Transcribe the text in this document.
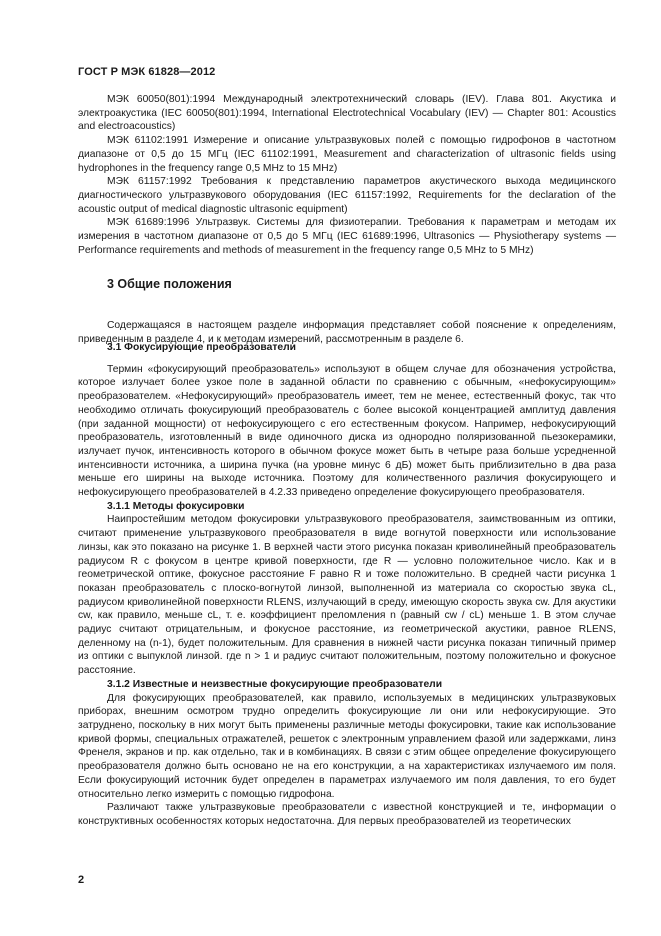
ГОСТ Р МЭК 61828—2012

МЭК 60050(801):1994 Международный электротехнический словарь (IEV). Глава 801. Акустика и электроакустика (IEC 60050(801):1994, International Electrotechnical Vocabulary (IEV) — Chapter 801: Acoustics and electroacoustics)

МЭК 61102:1991 Измерение и описание ультразвуковых полей с помощью гидрофонов в частотном диапазоне от 0,5 до 15 МГц (IEC 61102:1991, Measurement and characterization of ultrasonic fields using hydrophones in the frequency range 0,5 MHz to 15 MHz)

МЭК 61157:1992 Требования к представлению параметров акустического выхода медицинского диагностического ультразвукового оборудования (IEC 61157:1992, Requirements for the declaration of the acoustic output of medical diagnostic ultrasonic equipment)

МЭК 61689:1996 Ультразвук. Системы для физиотерапии. Требования к параметрам и методам их измерения в частотном диапазоне от 0,5 до 5 МГц (IEC 61689:1996, Ultrasonics — Physiotherapy systems — Performance requirements and methods of measurement in the frequency range 0,5 MHz to 5 MHz)

3 Общие положения

Содержащаяся в настоящем разделе информация представляет собой пояснение к определениям, приведенным в разделе 4, и к методам измерений, рассмотренным в разделе 6.

3.1 Фокусирующие преобразователи

Термин «фокусирующий преобразователь» используют в общем случае для обозначения устройства, которое излучает более узкое поле в заданной области по сравнению с обычным, «нефокусирующим» преобразователем. «Нефокусирующий» преобразователь имеет, тем не менее, естественный фокус, так что необходимо отличать фокусирующий преобразователь с более высокой концентрацией амплитуд давления (при заданной мощности) от нефокусирующего с его естественным фокусом. Например, нефокусирующий преобразователь, изготовленный в виде одиночного диска из однородно поляризованной пьезокерамики, излучает пучок, интенсивность которого в обычном фокусе может быть в четыре раза больше усредненной интенсивности источника, а ширина пучка (на уровне минус 6 дБ) может быть приблизительно в два раза меньше его ширины на выходе источника. Поэтому для количественного различия фокусирующего и нефокусирующего преобразователей в 4.2.33 приведено определение фокусирующего преобразователя.

3.1.1 Методы фокусировки

Наипростейшим методом фокусировки ультразвукового преобразователя, заимствованным из оптики, считают применение ультразвукового преобразователя в виде вогнутой поверхности или использование линзы, как это показано на рисунке 1. В верхней части этого рисунка показан криволинейный преобразователь радиусом R с фокусом в центре кривой поверхности, где R — условно положительное число. Как и в геометрической оптике, фокусное расстояние F равно R и тоже положительно. В средней части рисунка 1 показан преобразователь с плоско-вогнутой линзой, выполненной из материала со скоростью звука cL, радиусом криволинейной поверхности RLENS, излучающий в среду, имеющую скорость звука cw. Для акустики cw, как правило, меньше cL, т. е. коэффициент преломления n (равный cw / cL) меньше 1. В этом случае радиус считают отрицательным, и фокусное расстояние, из геометрической акустики, равное RLENS, деленному на (n-1), будет положительным. Для сравнения в нижней части рисунка показан типичный пример из оптики с выпуклой линзой. где n > 1 и радиус считают положительным, поэтому положительно и фокусное расстояние.

3.1.2 Известные и неизвестные фокусирующие преобразователи

Для фокусирующих преобразователей, как правило, используемых в медицинских ультразвуковых приборах, внешним осмотром трудно определить фокусирующие ли они или нефокусирующие. Это затруднено, поскольку в них могут быть применены различные методы фокусировки, такие как использование кривой формы, специальных отражателей, решеток с электронным управлением фазой или задержками, линз Френеля, экранов и пр. как отдельно, так и в комбинациях. В связи с этим общее определение фокусирующего преобразователя должно быть основано не на его конструкции, а на характеристиках излучаемого им поля. Если фокусирующий источник будет определен в параметрах излучаемого им поля давления, то его будет относительно легко измерить с помощью гидрофона.

Различают также ультразвуковые преобразователи с известной конструкцией и те, информации о конструктивных особенностях которых недостаточна. Для первых преобразователей из теоретических

2
